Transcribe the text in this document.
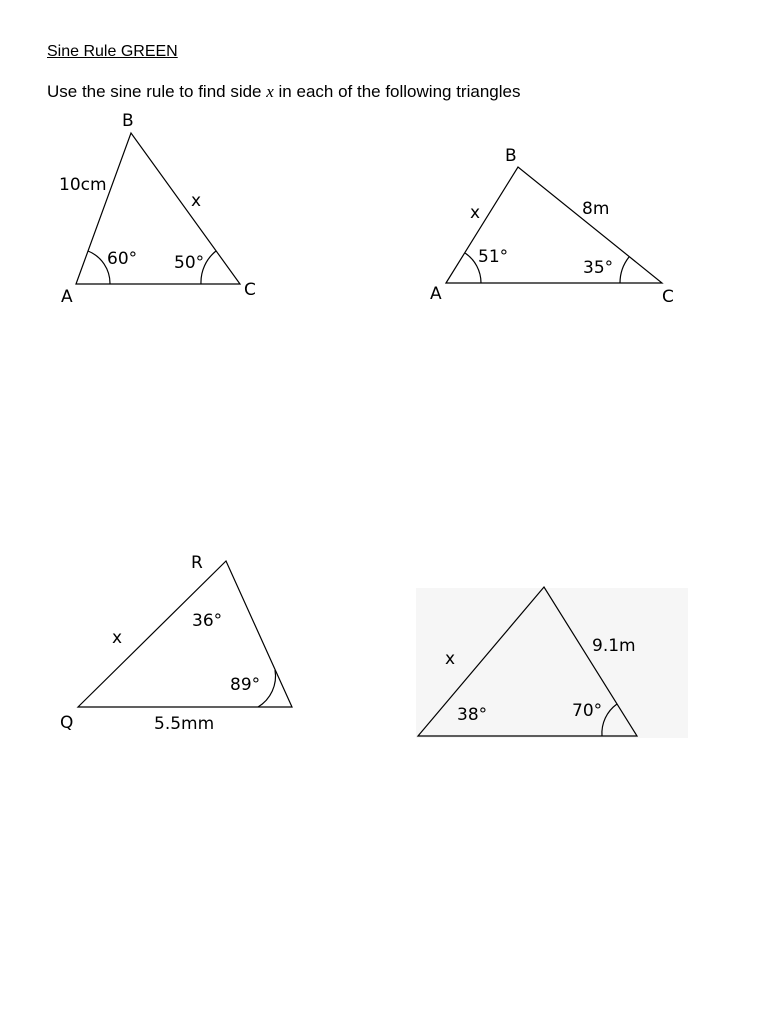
Sine Rule GREEN
Use the sine rule to find side x in each of the following triangles
B
A	C
10cm
x
60° 50°
B
A	C
x	8m
51°
35°
R
Q
x
5.5mm
36°
89°
x
9.1m
38°	70°
